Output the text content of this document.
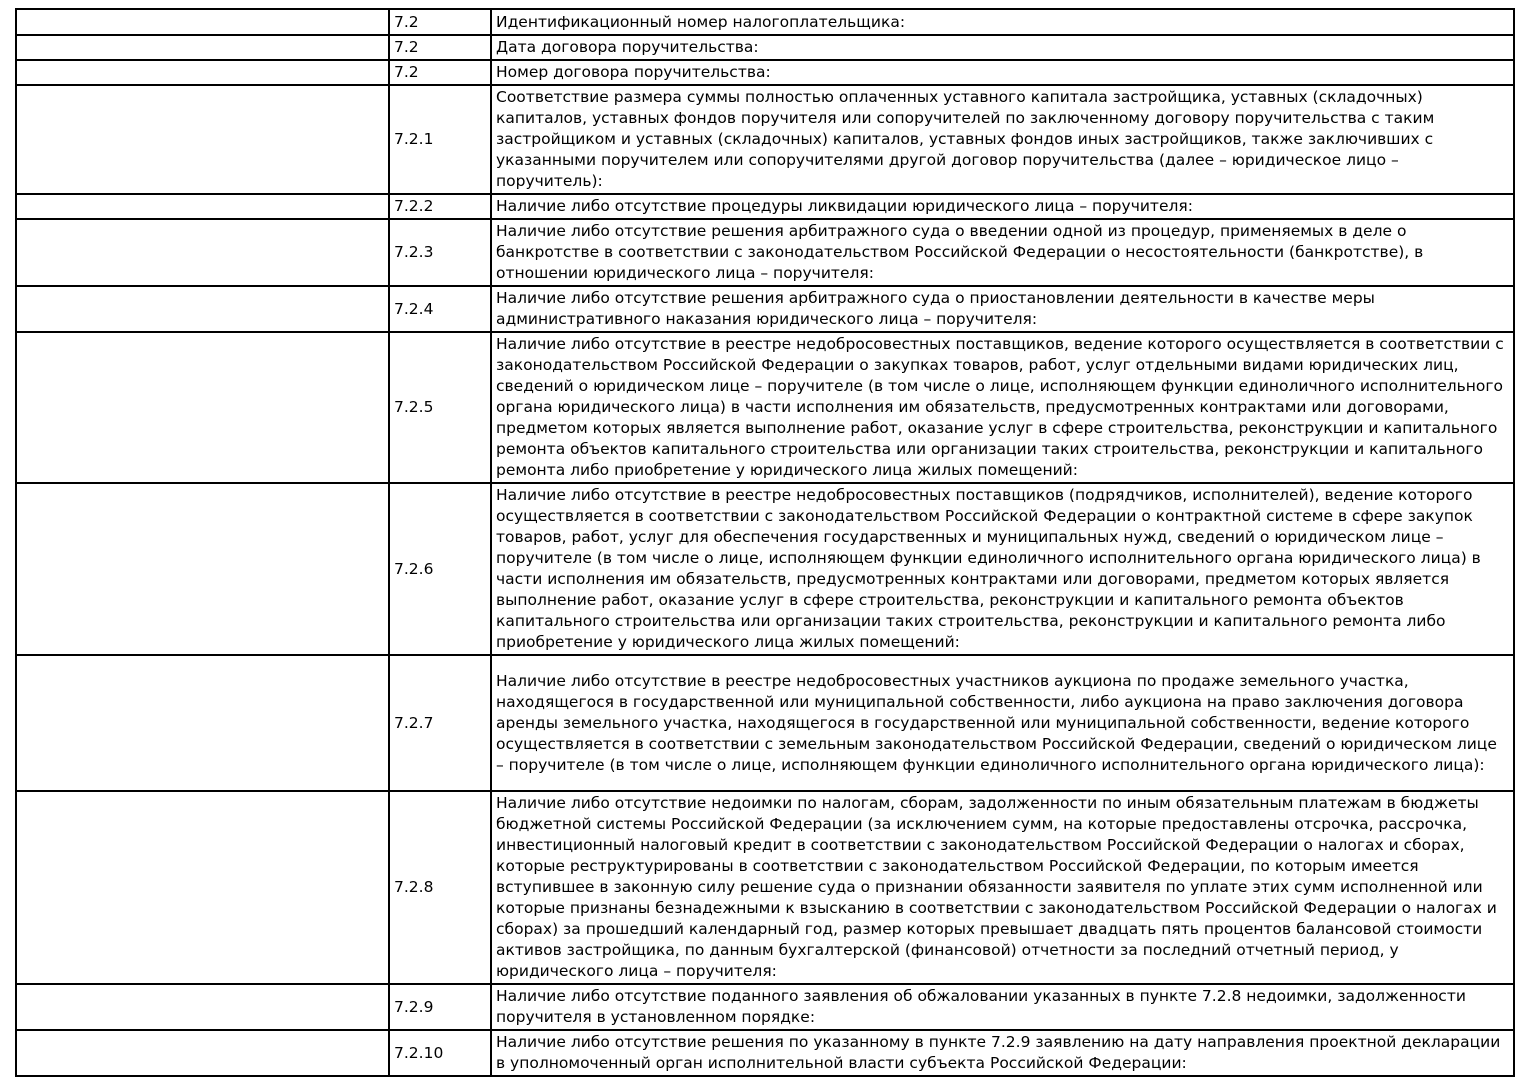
	7.2	Идентификационный номер налогоплательщика:
	7.2	Дата договора поручительства:
	7.2	Номер договора поручительства:
	7.2.1	Соответствие размера суммы полностью оплаченных уставного капитала застройщика, уставных (складочных) капиталов, уставных фондов поручителя или сопоручителей по заключенному договору поручительства с таким застройщиком и уставных (складочных) капиталов, уставных фондов иных застройщиков, также заключивших с указанными поручителем или сопоручителями другой договор поручительства (далее – юридическое лицо – поручитель):
	7.2.2	Наличие либо отсутствие процедуры ликвидации юридического лица – поручителя:
	7.2.3	Наличие либо отсутствие решения арбитражного суда о введении одной из процедур, применяемых в деле о банкротстве в соответствии с законодательством Российской Федерации о несостоятельности (банкротстве), в отношении юридического лица – поручителя:
	7.2.4	Наличие либо отсутствие решения арбитражного суда о приостановлении деятельности в качестве меры административного наказания юридического лица – поручителя:
	7.2.5	Наличие либо отсутствие в реестре недобросовестных поставщиков, ведение которого осуществляется в соответствии с законодательством Российской Федерации о закупках товаров, работ, услуг отдельными видами юридических лиц, сведений о юридическом лице – поручителе (в том числе о лице, исполняющем функции единоличного исполнительного органа юридического лица) в части исполнения им обязательств, предусмотренных контрактами или договорами, предметом которых является выполнение работ, оказание услуг в сфере строительства, реконструкции и капитального ремонта объектов капитального строительства или организации таких строительства, реконструкции и капитального ремонта либо приобретение у юридического лица жилых помещений:
	7.2.6	Наличие либо отсутствие в реестре недобросовестных поставщиков (подрядчиков, исполнителей), ведение которого осуществляется в соответствии с законодательством Российской Федерации о контрактной системе в сфере закупок товаров, работ, услуг для обеспечения государственных и муниципальных нужд, сведений о юридическом лице – поручителе (в том числе о лице, исполняющем функции единоличного исполнительного органа юридического лица) в части исполнения им обязательств, предусмотренных контрактами или договорами, предметом которых является выполнение работ, оказание услуг в сфере строительства, реконструкции и капитального ремонта объектов капитального строительства или организации таких строительства, реконструкции и капитального ремонта либо приобретение у юридического лица жилых помещений:
	7.2.7	Наличие либо отсутствие в реестре недобросовестных участников аукциона по продаже земельного участка, находящегося в государственной или муниципальной собственности, либо аукциона на право заключения договора аренды земельного участка, находящегося в государственной или муниципальной собственности, ведение которого осуществляется в соответствии с земельным законодательством Российской Федерации, сведений о юридическом лице – поручителе (в том числе о лице, исполняющем функции единоличного исполнительного органа юридического лица):
	7.2.8	Наличие либо отсутствие недоимки по налогам, сборам, задолженности по иным обязательным платежам в бюджеты бюджетной системы Российской Федерации (за исключением сумм, на которые предоставлены отсрочка, рассрочка, инвестиционный налоговый кредит в соответствии с законодательством Российской Федерации о налогах и сборах, которые реструктурированы в соответствии с законодательством Российской Федерации, по которым имеется вступившее в законную силу решение суда о признании обязанности заявителя по уплате этих сумм исполненной или которые признаны безнадежными к взысканию в соответствии с законодательством Российской Федерации о налогах и сборах) за прошедший календарный год, размер которых превышает двадцать пять процентов балансовой стоимости активов застройщика, по данным бухгалтерской (финансовой) отчетности за последний отчетный период, у юридического лица – поручителя:
	7.2.9	Наличие либо отсутствие поданного заявления об обжаловании указанных в пункте 7.2.8 недоимки, задолженности поручителя в установленном порядке:
	7.2.10	Наличие либо отсутствие решения по указанному в пункте 7.2.9 заявлению на дату направления проектной декларации в уполномоченный орган исполнительной власти субъекта Российской Федерации:
